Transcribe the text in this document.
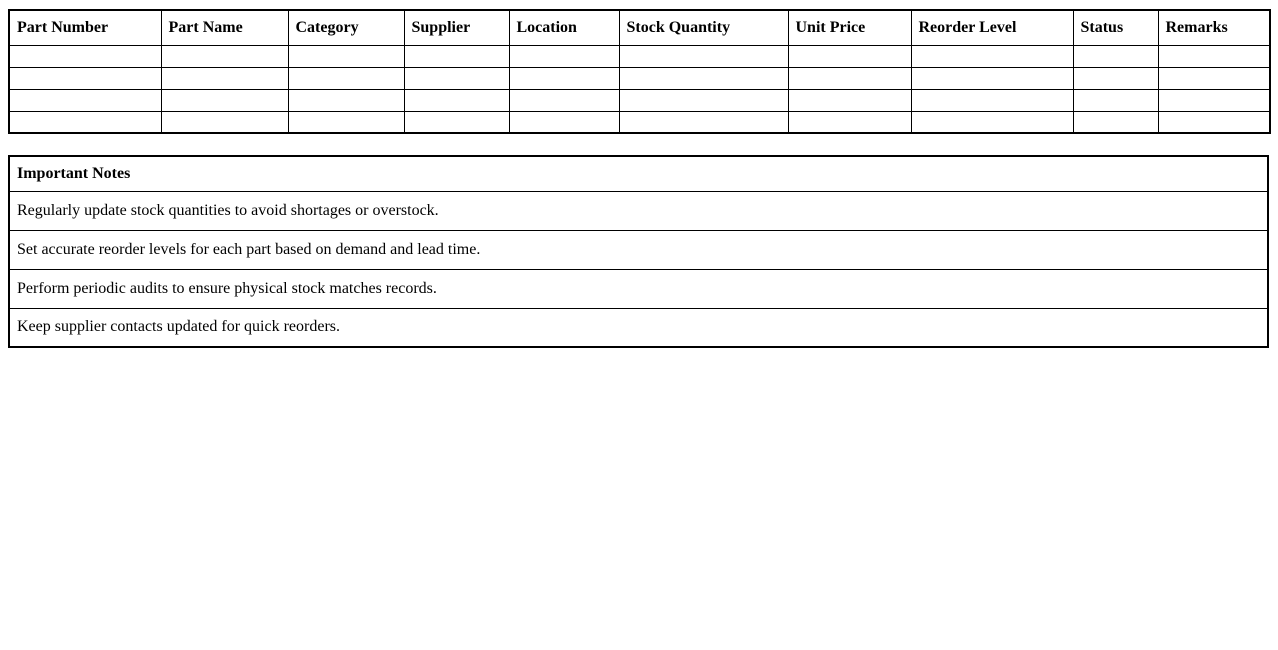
Part Number	Part Name	Category	Supplier	Location	Stock Quantity	Unit Price	Reorder Level	Status	Remarks

Important Notes
Regularly update stock quantities to avoid shortages or overstock.
Set accurate reorder levels for each part based on demand and lead time.
Perform periodic audits to ensure physical stock matches records.
Keep supplier contacts updated for quick reorders.
